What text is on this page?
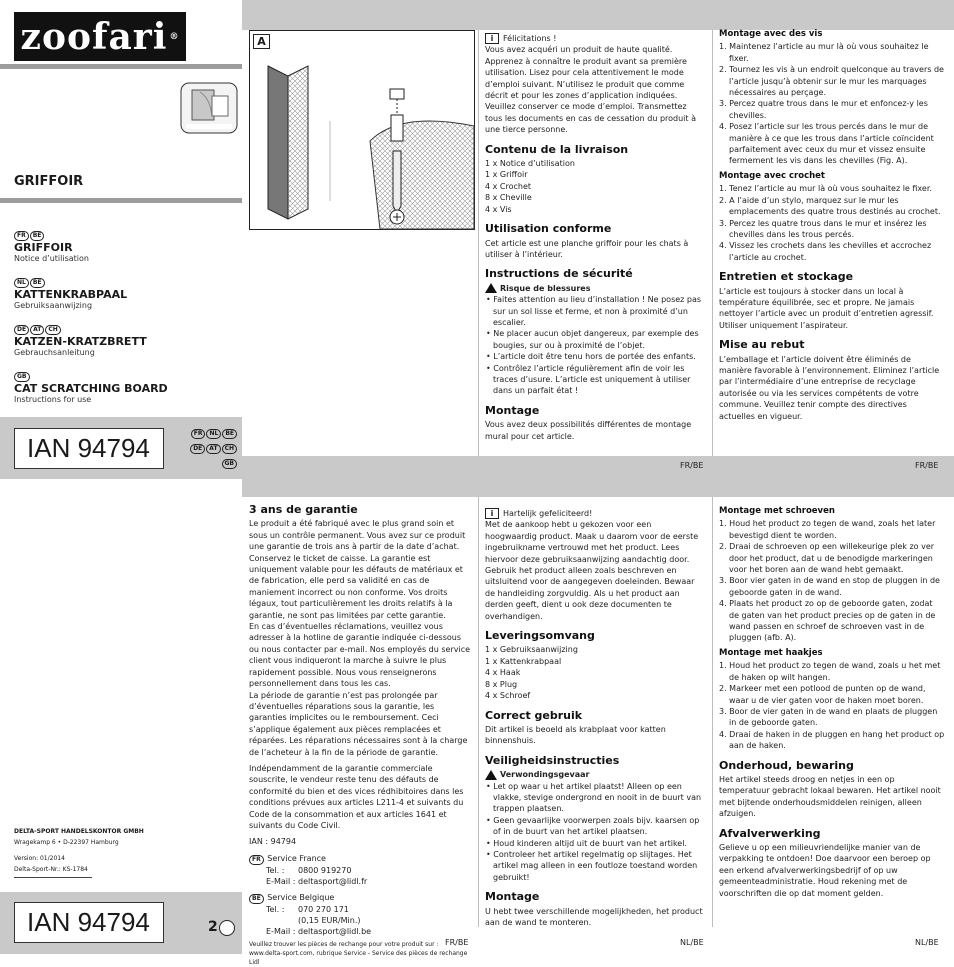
zoofari ®
GRIFFOIR
FR BE
GRIFFOIR
Notice d’utilisation
NL BE
KATTENKRABPAAL
Gebruiksaanwijzing
DE AT CH
KATZEN-KRATZBRETT
Gebrauchsanleitung
GB
CAT SCRATCHING BOARD
Instructions for use
IAN 94794	FR NL BE
DE AT CH
GB
DELTA-SPORT HANDELSKONTOR GMBH
Wragekamp 6 • D-22397 Hamburg
Version: 01/2014
Delta-Sport-Nr.: KS-1784
IAN 94794	2
A	i Félicitations !

Vous avez acquéri un produit de haute qualité. Apprenez à connaître le produit avant sa première utilisation. Lisez pour cela attentivement le mode d’emploi suivant. N’utilisez le produit que comme décrit et pour les zones d’application indiquées. Veuillez conserver ce mode d’emploi. Transmettez tous les documents en cas de cessation du produit à une tierce personne.

Contenu de la livraison
1 x Notice d’utilisation
1 x Griffoir
4 x Crochet
8 x Cheville
4 x Vis
Utilisation conforme

Cet article est une planche griffoir pour les chats à utiliser à l’intérieur.

Instructions de sécurité
Risque de blessures
• Faites attention au lieu d’installation ! Ne posez pas sur un sol lisse et ferme, et non à proximité d’un escalier.
• Ne placer aucun objet dangereux, par exemple des bougies, sur ou à proximité de l’objet.
• L’article doit être tenu hors de portée des enfants.
• Contrôlez l’article régulièrement afin de voir les traces d’usure. L’article est uniquement à utiliser dans un parfait état !
Montage

Vous avez deux possibilités différentes de montage mural pour cet article.

Montage avec des vis
1. Maintenez l’article au mur là où vous souhaitez le fixer.
2. Tournez les vis à un endroit quelconque au travers de l’article jusqu’à obtenir sur le mur les marquages nécessaires au perçage.
3. Percez quatre trous dans le mur et enfoncez-y les chevilles.
4. Posez l’article sur les trous percés dans le mur de manière à ce que les trous dans l’article coïncident parfaitement avec ceux du mur et vissez ensuite fermement les vis dans les chevilles (Fig. A).
Montage avec crochet
1. Tenez l’article au mur là où vous souhaitez le fixer.
2. A l’aide d’un stylo, marquez sur le mur les emplacements des quatre trous destinés au crochet.
3. Percez les quatre trous dans le mur et insérez les chevilles dans les trous percés.
4. Vissez les crochets dans les chevilles et accrochez l’article au crochet.
Entretien et stockage

L’article est toujours à stocker dans un local à température équilibrée, sec et propre. Ne jamais nettoyer l’article avec un produit d’entretien agressif. Utiliser uniquement l’aspirateur.

Mise au rebut

L’emballage et l’article doivent être éliminés de manière favorable à l’environnement. Eliminez l’article par l’intermédiaire d’une entreprise de recyclage autorisée ou via les services compétents de votre commune. Veuillez tenir compte des directives actuelles en vigueur.

FR/BE	FR/BE
3 ans de garantie

Le produit a été fabriqué avec le plus grand soin et sous un contrôle permanent. Vous avez sur ce produit une garantie de trois ans à partir de la date d’achat. Conservez le ticket de caisse. La garantie est uniquement valable pour les défauts de matériaux et de fabrication, elle perd sa validité en cas de maniement incorrect ou non conforme. Vos droits légaux, tout particulièrement les droits relatifs à la garantie, ne sont pas limitées par cette garantie.

En cas d’éventuelles réclamations, veuillez vous adresser à la hotline de garantie indiquée ci-dessous ou nous contacter par e-mail. Nos employés du service client vous indiqueront la marche à suivre le plus rapidement possible. Nous vous renseignerons personnellement dans tous les cas.

La période de garantie n’est pas prolongée par d’éventuelles réparations sous la garantie, les garanties implicites ou le remboursement. Ceci s’applique également aux pièces remplacées et réparées. Les réparations nécessaires sont à la charge de l’acheteur à la fin de la période de garantie.

Indépendamment de la garantie commerciale souscrite, le vendeur reste tenu des défauts de conformité du bien et des vices rédhibitoires dans les conditions prévues aux articles L211-4 et suivants du Code de la consommation et aux articles 1641 et suivants du Code Civil.

IAN : 94794

FR Service France
Tel. : 0800 919270
E-Mail : deltasport@lidl.fr
BE Service Belgique
Tel. : 070 270 171
(0,15 EUR/Min.)
E-Mail : deltasport@lidl.be

Veuillez trouver les pièces de rechange pour votre produit sur : www.delta-sport.com, rubrique Service - Service des pièces de rechange Lidl

i Hartelijk gefeliciteerd!

Met de aankoop hebt u gekozen voor een hoogwaardig product. Maak u daarom voor de eerste ingebruikname vertrouwd met het product. Lees hiervoor deze gebruiksaanwijzing aandachtig door. Gebruik het product alleen zoals beschreven en uitsluitend voor de aangegeven doeleinden. Bewaar de handleiding zorgvuldig. Als u het product aan derden geeft, dient u ook deze documenten te overhandigen.

Leveringsomvang
1 x Gebruiksaanwijzing
1 x Kattenkrabpaal
4 x Haak
8 x Plug
4 x Schroef
Correct gebruik

Dit artikel is beoeld als krabplaat voor katten binnenshuis.

Veiligheidsinstructies
Verwondingsgevaar
• Let op waar u het artikel plaatst! Alleen op een vlakke, stevige ondergrond en nooit in de buurt van trappen plaatsen.
• Geen gevaarlijke voorwerpen zoals bijv. kaarsen op of in de buurt van het artikel plaatsen.
• Houd kinderen altijd uit de buurt van het artikel.
• Controleer het artikel regelmatig op slijtages. Het artikel mag alleen in een foutloze toestand worden gebruikt!
Montage

U hebt twee verschillende mogelijkheden, het product aan de wand te monteren.

Montage met schroeven
1. Houd het product zo tegen de wand, zoals het later bevestigd dient te worden.
2. Draai de schroeven op een willekeurige plek zo ver door het product, dat u de benodigde markeringen voor het boren aan de wand hebt gemaakt.
3. Boor vier gaten in de wand en stop de pluggen in de geboorde gaten in de wand.
4. Plaats het product zo op de geboorde gaten, zodat de gaten van het product precies op de gaten in de wand passen en schroef de schroeven vast in de pluggen (afb. A).
Montage met haakjes
1. Houd het product zo tegen de wand, zoals u het met de haken op wilt hangen.
2. Markeer met een potlood de punten op de wand, waar u de vier gaten voor de haken moet boren.
3. Boor de vier gaten in de wand en plaats de pluggen in de geboorde gaten.
4. Draai de haken in de pluggen en hang het product op aan de haken.
Onderhoud, bewaring

Het artikel steeds droog en netjes in een op temperatuur gebracht lokaal bewaren. Het artikel nooit met bijtende onderhoudsmiddelen reinigen, alleen afzuigen.

Afvalverwerking

Gelieve u op een milieuvriendelijke manier van de verpakking te ontdoen! Doe daarvoor een beroep op een erkend afvalverwerkingsbedrijf of op uw gemeenteadministratie. Houd rekening met de voorschriften die op dat moment gelden.

FR/BE	NL/BE	NL/BE
